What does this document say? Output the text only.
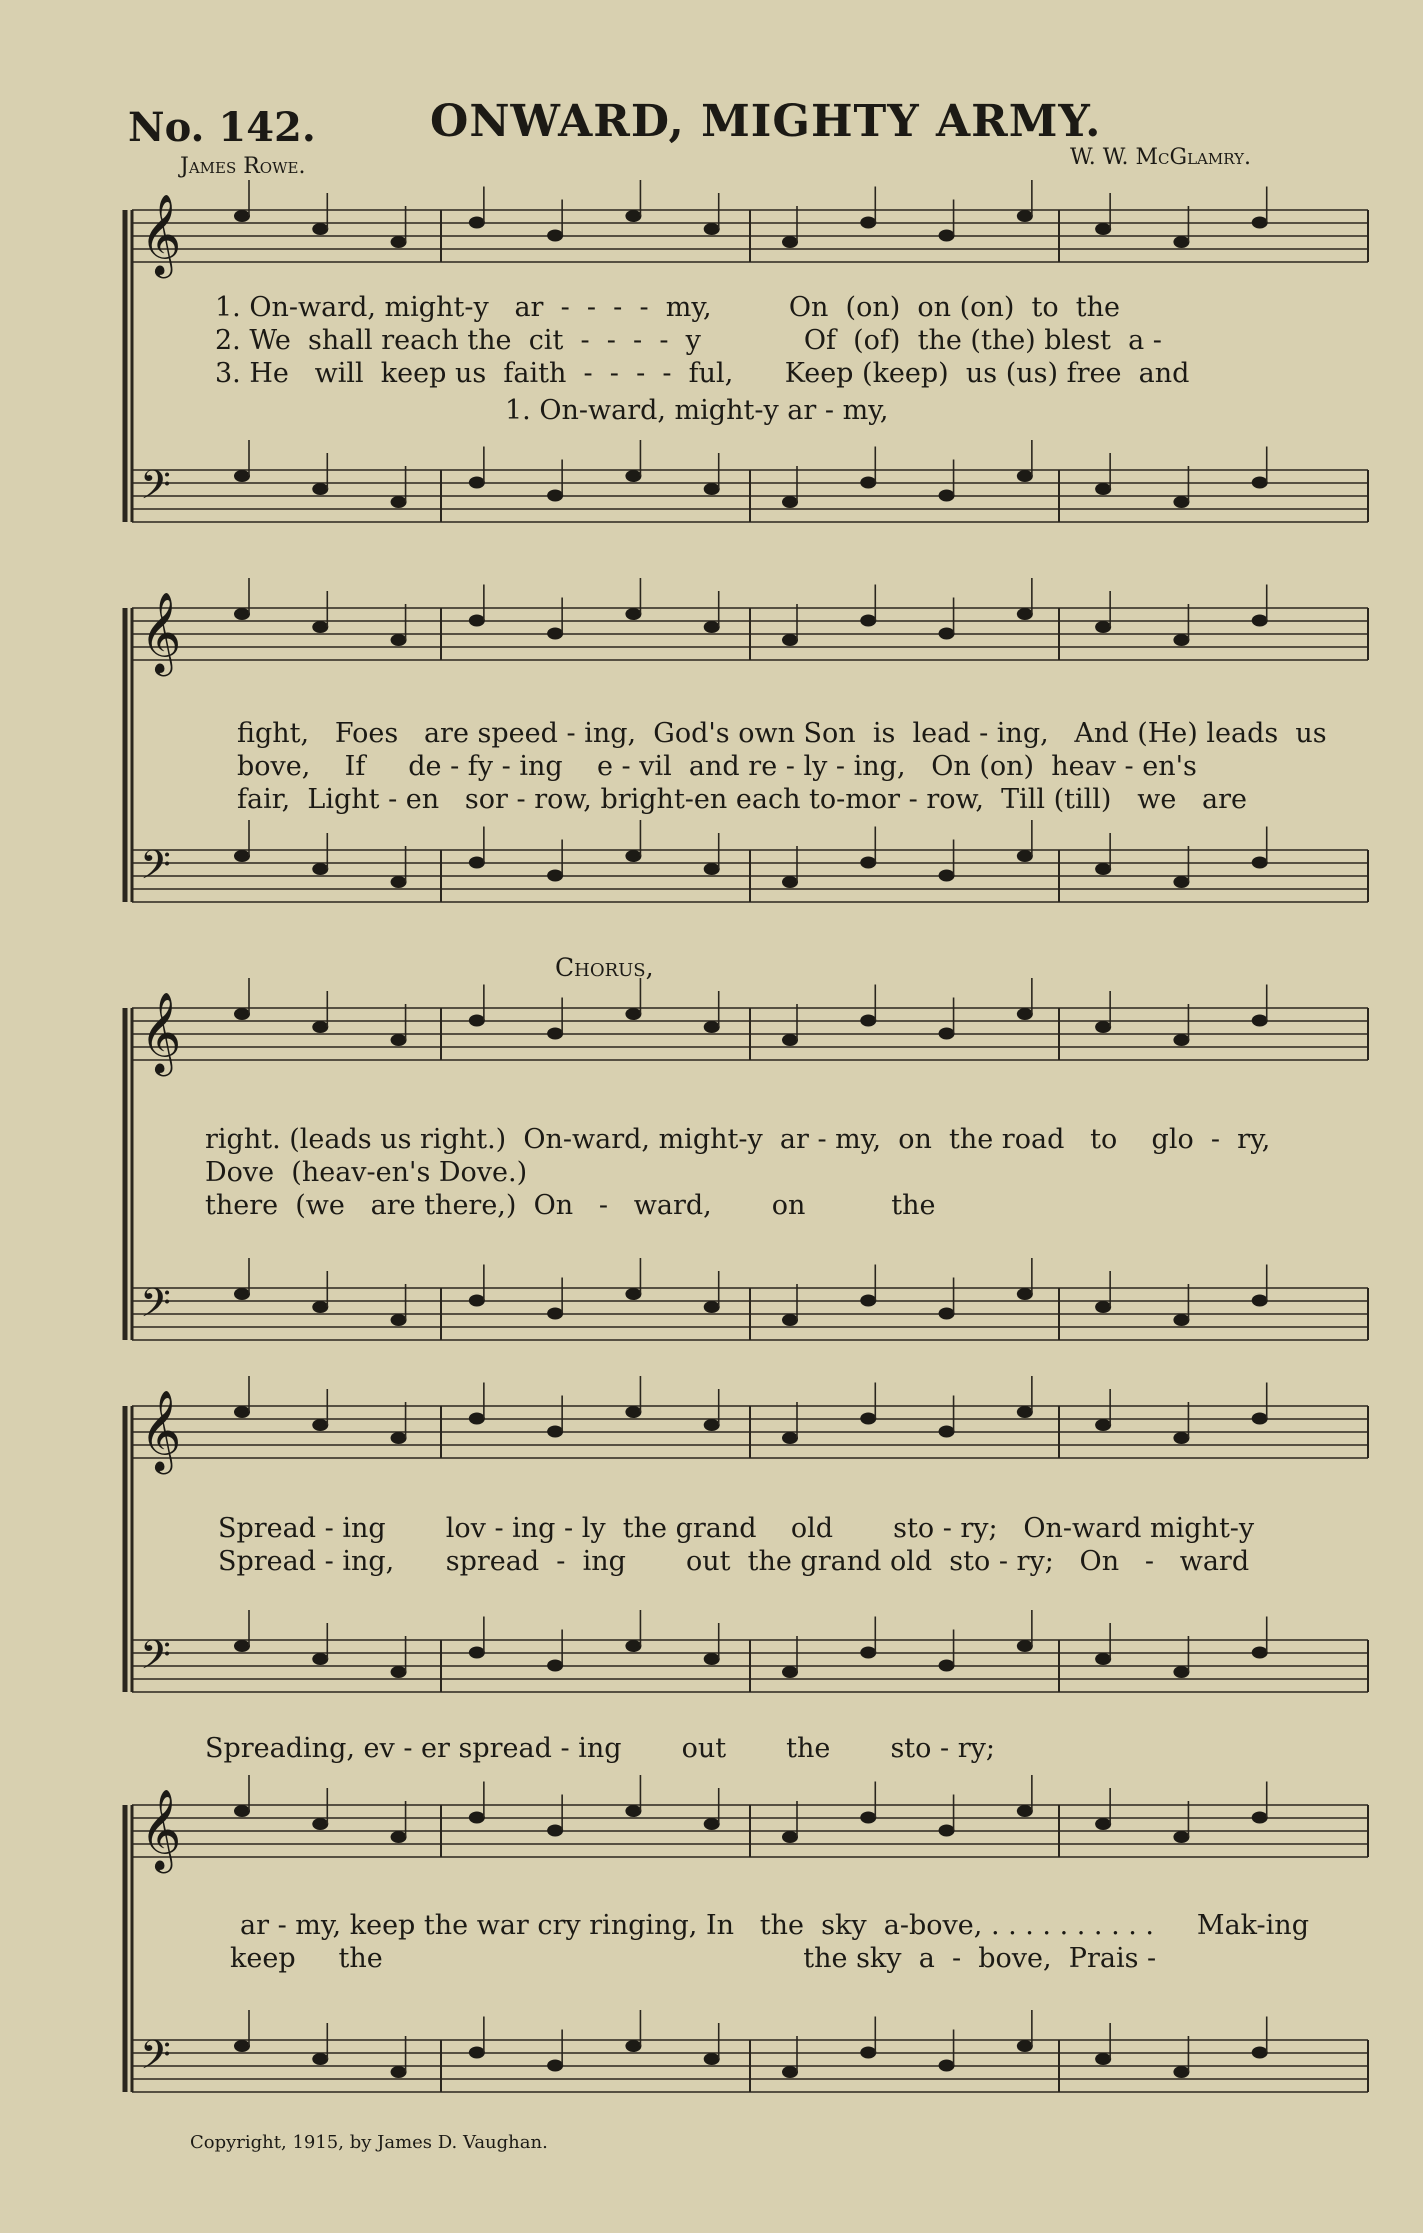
𝄞
𝄢
𝄞
𝄢
𝄞
𝄢
𝄞
𝄢
𝄞
𝄢
No. 142.	ONWARD, MIGHTY ARMY.
James Rowe.	W. W. McGlamry.
1. On-ward, might-y   ar  -  -  -  -  my,         On  (on)  on (on)  to  the
2. We  shall reach the  cit  -  -  -  -  y            Of  (of)  the (the) blest  a -
3. He   will  keep us  faith  -  -  -  -  ful,      Keep (keep)  us (us) free  and
1. On-ward, might-y ar - my,
fight,   Foes   are speed - ing,  God's own Son  is  lead - ing,   And (He) leads  us
bove,    If     de - fy - ing    e - vil  and re - ly - ing,   On (on)  heav - en's
fair,  Light - en   sor - row, bright-en each to-mor - row,  Till (till)   we   are
Chorus,
right. (leads us right.)  On-ward, might-y  ar - my,  on  the road   to    glo  -  ry,
Dove  (heav-en's Dove.)
there  (we   are there,)  On   -   ward,       on          the
Spread - ing       lov - ing - ly  the grand    old       sto - ry;   On-ward might-y
Spread - ing,      spread  -  ing       out  the grand old  sto - ry;   On   -   ward
Spreading, ev - er spread - ing       out       the       sto - ry;
ar - my, keep the war cry ringing, In   the  sky  a-bove, . . . . . . . . . .     Mak-ing
keep     the                                                 the sky  a  -  bove,  Prais -
Copyright, 1915, by James D. Vaughan.
